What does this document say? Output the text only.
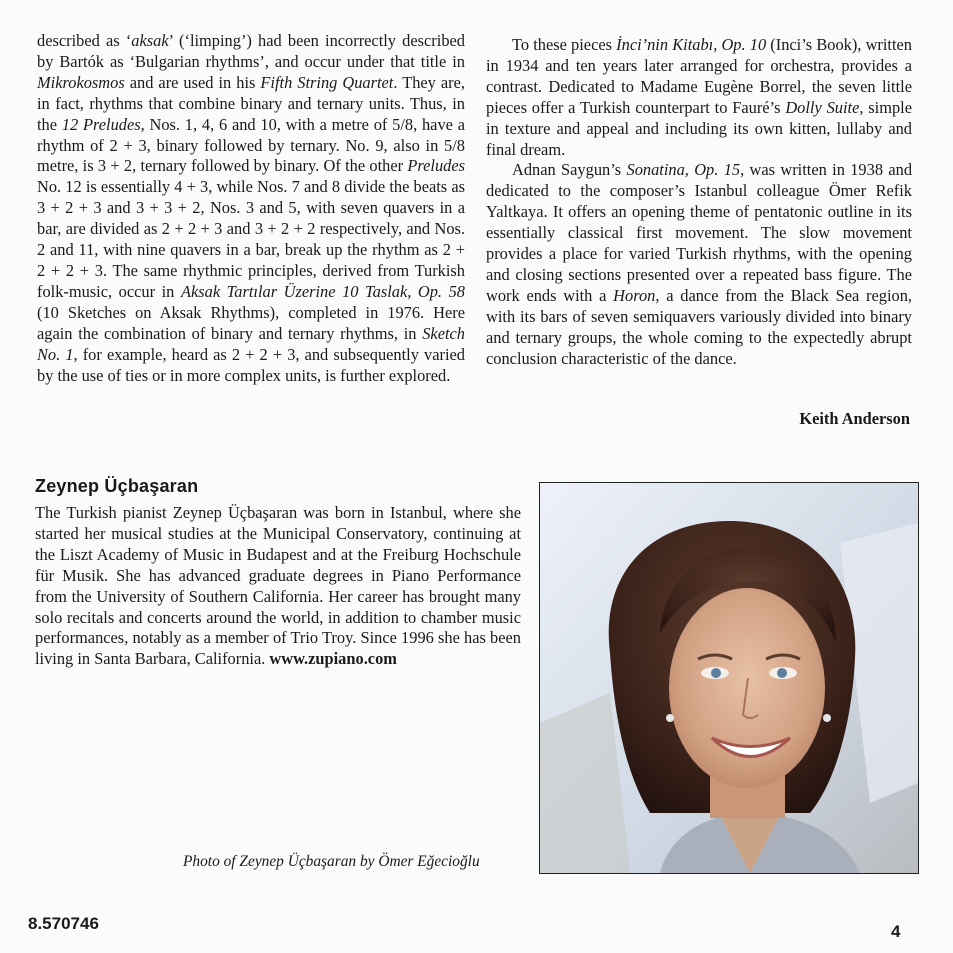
described as ‘aksak’ (‘limping’) had been incorrectly described by Bartók as ‘Bulgarian rhythms’, and occur under that title in Mikrokosmos and are used in his Fifth String Quartet. They are, in fact, rhythms that combine binary and ternary units. Thus, in the 12 Preludes, Nos. 1, 4, 6 and 10, with a metre of 5/8, have a rhythm of 2 + 3, binary followed by ternary. No. 9, also in 5/8 metre, is 3 + 2, ternary followed by binary. Of the other Preludes No. 12 is essentially 4 + 3, while Nos. 7 and 8 divide the beats as 3 + 2 + 3 and 3 + 3 + 2, Nos. 3 and 5, with seven quavers in a bar, are divided as 2 + 2 + 3 and 3 + 2 + 2 respectively, and Nos. 2 and 11, with nine quavers in a bar, break up the rhythm as 2 + 2 + 2 + 3. The same rhythmic principles, derived from Turkish folk-music, occur in Aksak Tartılar Üzerine 10 Taslak, Op. 58 (10 Sketches on Aksak Rhythms), completed in 1976. Here again the combination of binary and ternary rhythms, in Sketch No. 1, for example, heard as 2 + 2 + 3, and subsequently varied by the use of ties or in more complex units, is further explored.

To these pieces İnci’nin Kitabı, Op. 10 (Inci’s Book), written in 1934 and ten years later arranged for orchestra, provides a contrast. Dedicated to Madame Eugène Borrel, the seven little pieces offer a Turkish counterpart to Fauré’s Dolly Suite, simple in texture and appeal and including its own kitten, lullaby and final dream.

Adnan Saygun’s Sonatina, Op. 15, was written in 1938 and dedicated to the composer’s Istanbul colleague Ömer Refik Yaltkaya. It offers an opening theme of pentatonic outline in its essentially classical first movement. The slow movement provides a place for varied Turkish rhythms, with the opening and closing sections presented over a repeated bass figure. The work ends with a Horon, a dance from the Black Sea region, with its bars of seven semiquavers variously divided into binary and ternary groups, the whole coming to the expectedly abrupt conclusion characteristic of the dance.

Keith Anderson
Zeynep Üçbaşaran
The Turkish pianist Zeynep Üçbaşaran was born in Istanbul, where she started her musical studies at the Municipal Conservatory, continuing at the Liszt Academy of Music in Budapest and at the Freiburg Hochschule für Musik. She has advanced graduate degrees in Piano Performance from the University of Southern California. Her career has brought many solo recitals and concerts around the world, in addition to chamber music performances, notably as a member of Trio Troy. Since 1996 she has been living in Santa Barbara, California. www.zupiano.com
Photo of Zeynep Üçbaşaran by Ömer Eğecioğlu
8.570746	4
